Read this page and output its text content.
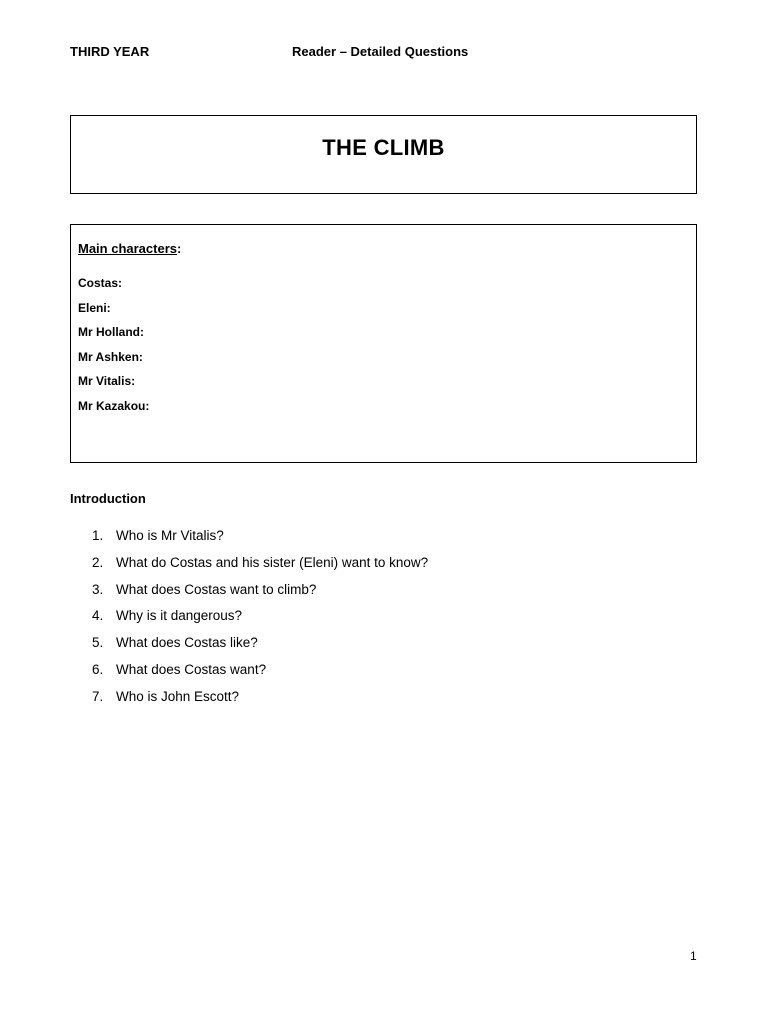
THIRD YEAR	Reader – Detailed Questions
THE CLIMB
Main characters:
Costas:
Eleni:
Mr Holland:
Mr Ashken:
Mr Vitalis:
Mr Kazakou:
Introduction
1. Who is Mr Vitalis?
2. What do Costas and his sister (Eleni) want to know?
3. What does Costas want to climb?
4. Why is it dangerous?
5. What does Costas like?
6. What does Costas want?
7. Who is John Escott?
1
